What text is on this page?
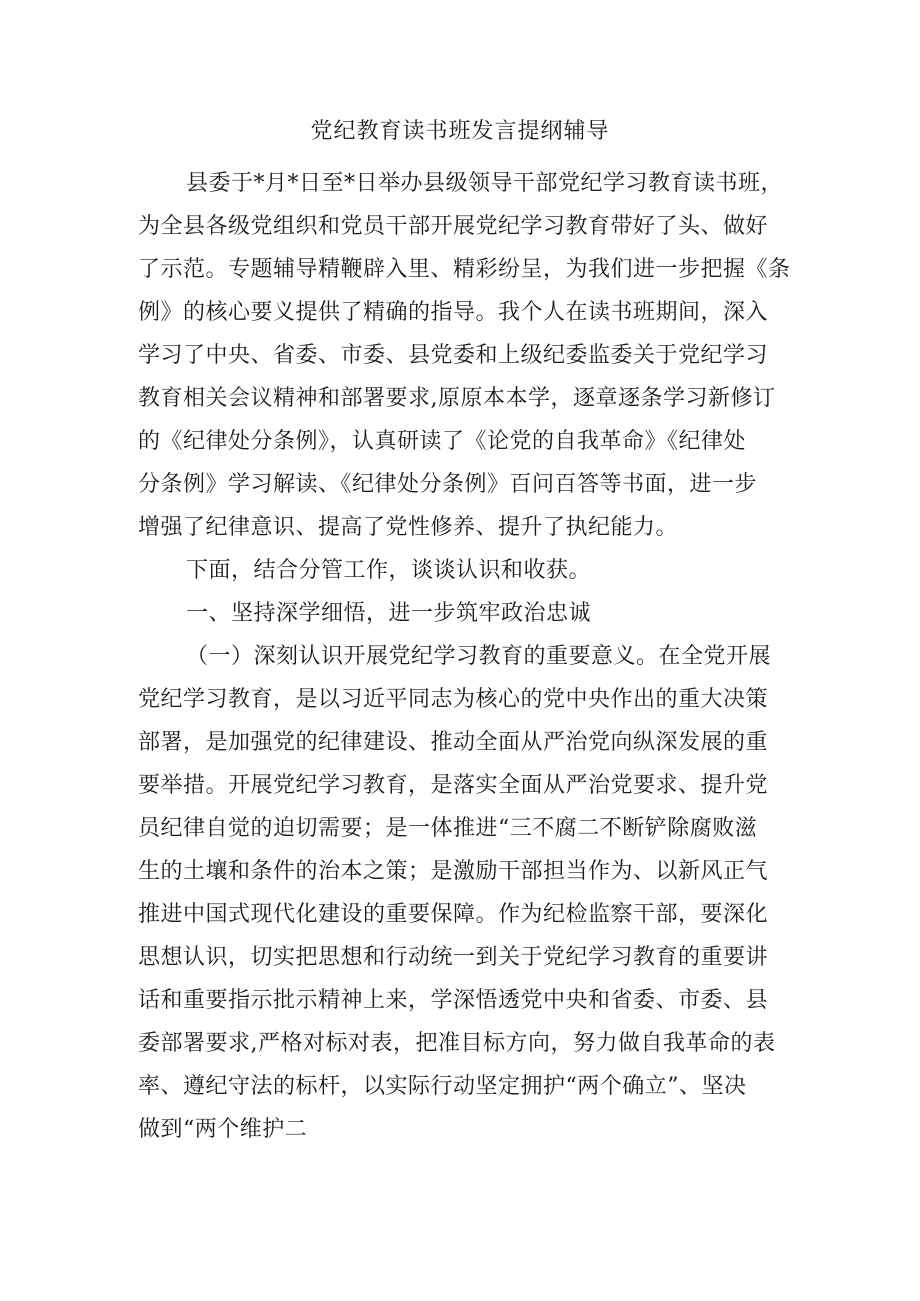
党纪教育读书班发言提纲辅导
县委于*月*日至*日举办县级领导干部党纪学习教育读书班，
为全县各级党组织和党员干部开展党纪学习教育带好了头、做好
了示范。专题辅导精鞭辟入里、精彩纷呈，为我们进一步把握《条
例》的核心要义提供了精确的指导。我个人在读书班期间，深入
学习了中央、省委、市委、县党委和上级纪委监委关于党纪学习
教育相关会议精神和部署要求,原原本本学，逐章逐条学习新修订
的《纪律处分条例》，认真研读了《论党的自我革命》《纪律处
分条例》学习解读、《纪律处分条例》百问百答等书面，进一步
增强了纪律意识、提高了党性修养、提升了执纪能力。
下面，结合分管工作，谈谈认识和收获。
一、坚持深学细悟，进一步筑牢政治忠诚
（一）深刻认识开展党纪学习教育的重要意义。在全党开展
党纪学习教育，是以习近平同志为核心的党中央作出的重大决策
部署，是加强党的纪律建设、推动全面从严治党向纵深发展的重
要举措。开展党纪学习教育，是落实全面从严治党要求、提升党
员纪律自觉的迫切需要；是一体推进“三不腐二不断铲除腐败滋
生的土壤和条件的治本之策；是激励干部担当作为、以新风正气
推进中国式现代化建设的重要保障。作为纪检监察干部，要深化
思想认识，切实把思想和行动统一到关于党纪学习教育的重要讲
话和重要指示批示精神上来，学深悟透党中央和省委、市委、县
委部署要求,严格对标对表，把准目标方向，努力做自我革命的表
率、遵纪守法的标杆，以实际行动坚定拥护“两个确立”、坚决
做到“两个维护二
